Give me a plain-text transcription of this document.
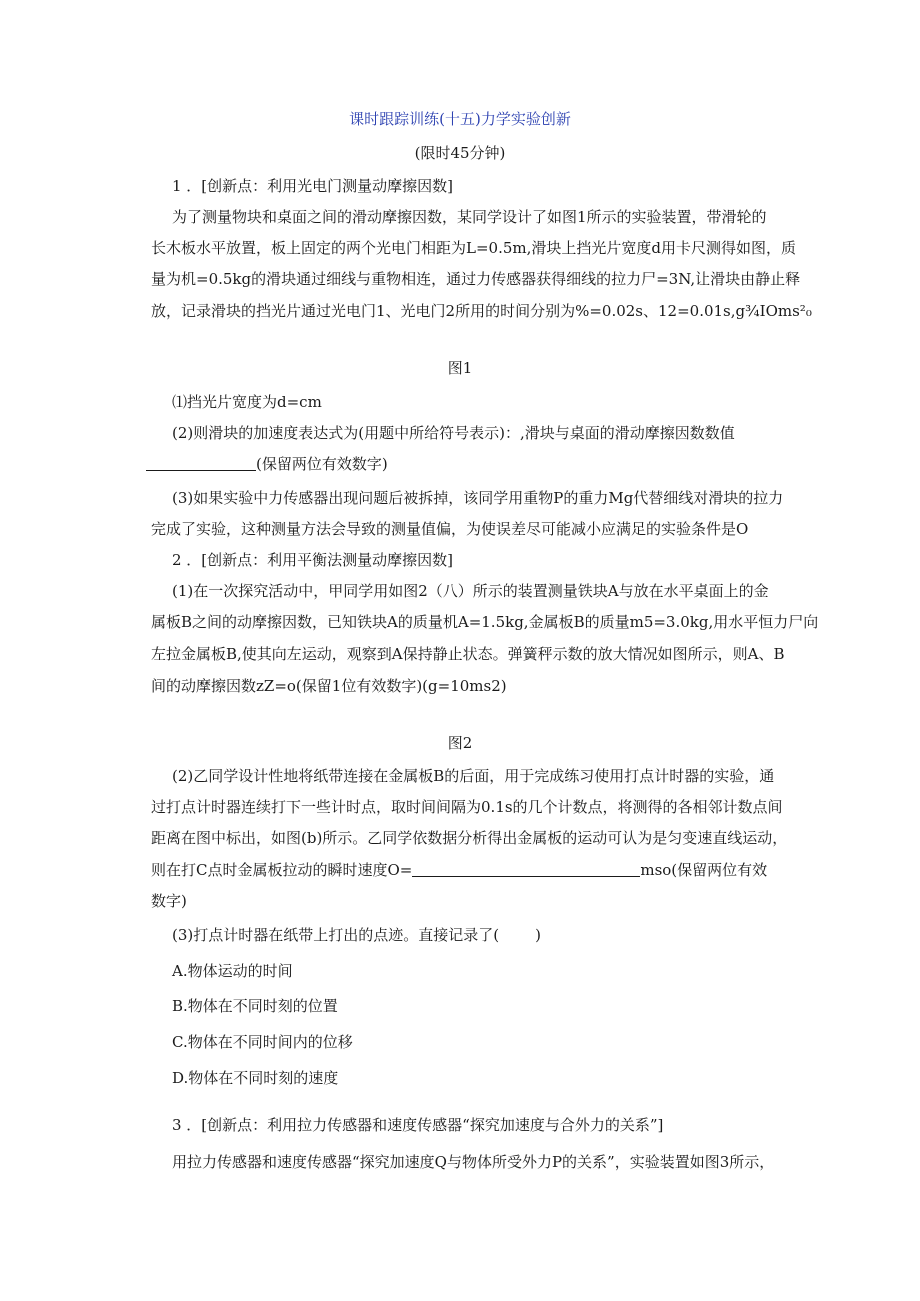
课时跟踪训练(十五)力学实验创新
(限时45分钟)
1 ．[创新点：利用光电门测量动摩擦因数]
为了测量物块和桌面之间的滑动摩擦因数，某同学设计了如图1所示的实验装置，带滑轮的
长木板水平放置，板上固定的两个光电门相距为L=0.5m,滑块上挡光片宽度d用卡尺测得如图，质
量为机=0.5kg的滑块通过细线与重物相连，通过力传感器获得细线的拉力尸=3N,让滑块由静止释
放，记录滑块的挡光片通过光电门1、光电门2所用的时间分别为%=0.02s、12=0.01s,g¾IOms²₀
图1
⑴挡光片宽度为d=cm
(2)则滑块的加速度表达式为(用题中所给符号表示)：,滑块与桌面的滑动摩擦因数数值
(保留两位有效数字)
(3)如果实验中力传感器出现问题后被拆掉，该同学用重物P的重力Mg代替细线对滑块的拉力
完成了实验，这种测量方法会导致的测量值偏，为使误差尽可能减小应满足的实验条件是O
2 ．[创新点：利用平衡法测量动摩擦因数]
(1)在一次探究活动中，甲同学用如图2（八）所示的装置测量铁块A与放在水平桌面上的金
属板B之间的动摩擦因数，已知铁块A的质量机A=1.5kg,金属板B的质量m5=3.0kg,用水平恒力尸向
左拉金属板B,使其向左运动，观察到A保持静止状态。弹簧秤示数的放大情况如图所示，则A、B
间的动摩擦因数zZ=o(保留1位有效数字)(g=10ms2)
图2
(2)乙同学设计性地将纸带连接在金属板B的后面，用于完成练习使用打点计时器的实验，通
过打点计时器连续打下一些计时点，取时间间隔为0.1s的几个计数点，将测得的各相邻计数点间
距离在图中标出，如图(b)所示。乙同学依数据分析得出金属板的运动可认为是匀变速直线运动，
则在打C点时金属板拉动的瞬时速度O=	mso(保留两位有效
数字)
(3)打点计时器在纸带上打出的点迹。直接记录了( )
A.物体运动的时间
B.物体在不同时刻的位置
C.物体在不同时间内的位移
D.物体在不同时刻的速度
3 ．[创新点：利用拉力传感器和速度传感器“探究加速度与合外力的关系”]
用拉力传感器和速度传感器“探究加速度Q与物体所受外力P的关系”，实验装置如图3所示，
